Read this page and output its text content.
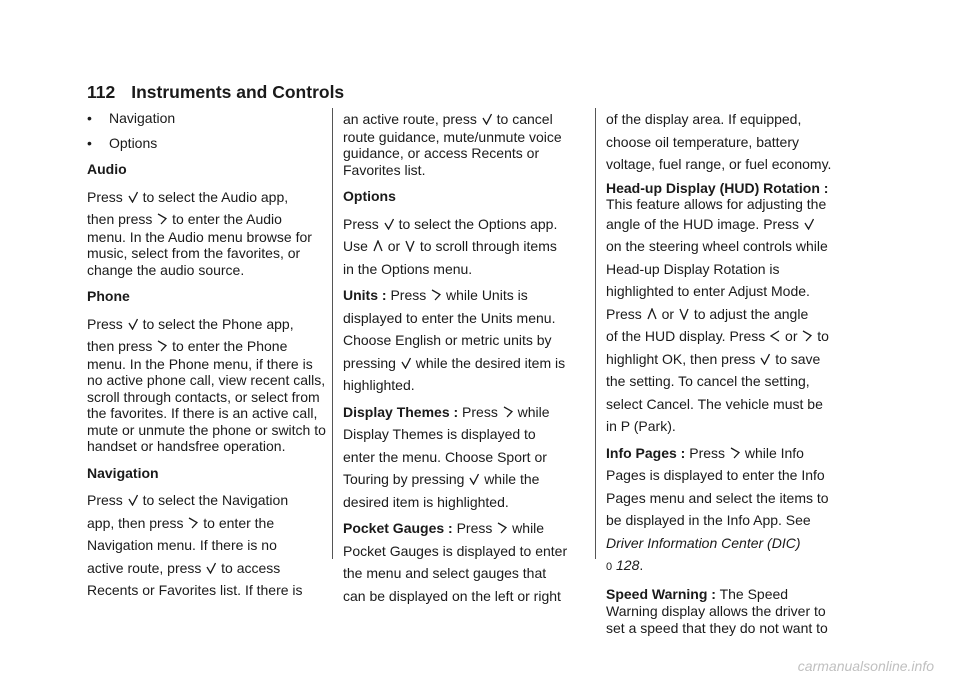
112 Instruments and Controls
• Navigation
• Options

Audio

Press to select the Audio app,
then press to enter the Audio

menu. In the Audio menu browse for music, select from the favorites, or change the audio source.

Phone

Press to select the Phone app,
then press to enter the Phone

menu. In the Phone menu, if there is no active phone call, view recent calls, scroll through contacts, or select from the favorites. If there is an active call, mute or unmute the phone or switch to handset or handsfree operation.

Navigation

Press to select the Navigation
app, then press to enter the
Navigation menu. If there is no
active route, press to access
Recents or Favorites list. If there is

an active route, press to cancel

route guidance, mute/unmute voice guidance, or access Recents or Favorites list.

Options

Press to select the Options app.
Use or to scroll through items
in the Options menu.

Units : Press while Units is
displayed to enter the Units menu.
Choose English or metric units by
pressing while the desired item is
highlighted.

Display Themes : Press while
Display Themes is displayed to
enter the menu. Choose Sport or
Touring by pressing while the
desired item is highlighted.

Pocket Gauges : Press while
Pocket Gauges is displayed to enter
the menu and select gauges that
can be displayed on the left or right

of the display area. If equipped,
choose oil temperature, battery
voltage, fuel range, or fuel economy.

Head-up Display (HUD) Rotation :
This feature allows for adjusting the
angle of the HUD image. Press

on the steering wheel controls while
Head-up Display Rotation is
highlighted to enter Adjust Mode.
Press or to adjust the angle
of the HUD display. Press or to
highlight OK, then press to save
the setting. To cancel the setting,
select Cancel. The vehicle must be
in P (Park).

Info Pages : Press while Info
Pages is displayed to enter the Info
Pages menu and select the items to
be displayed in the Info App. See
Driver Information Center (DIC)
0 128.

Speed Warning : The Speed

Warning display allows the driver to set a speed that they do not want to

carmanualsonline.info
